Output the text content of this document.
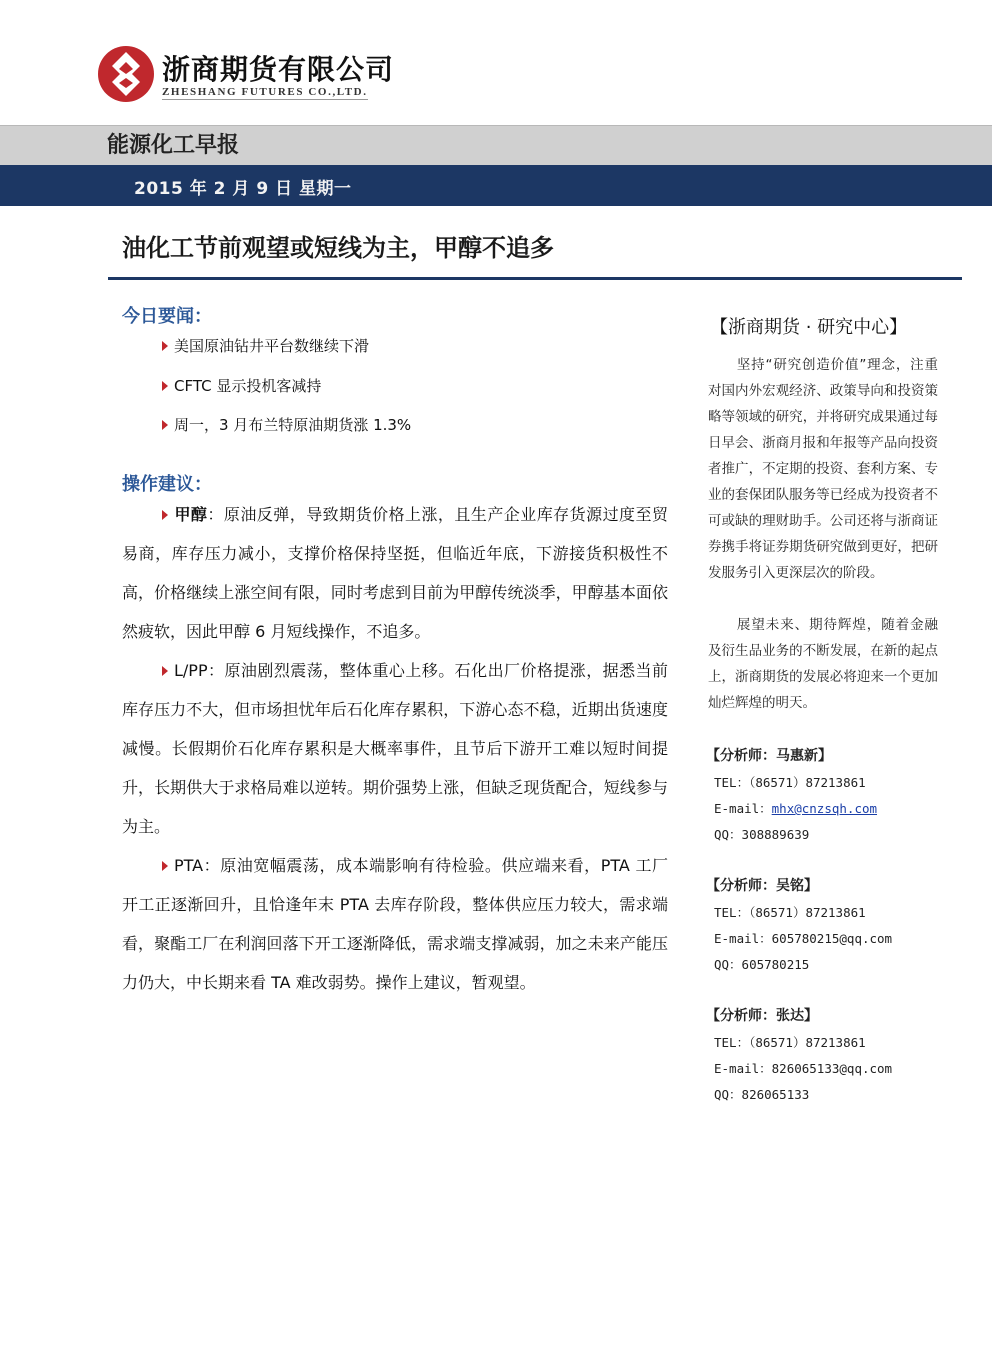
浙商期货有限公司
ZHESHANG FUTURES CO.,LTD.
能源化工早报
2015 年 2 月 9 日 星期一
油化工节前观望或短线为主，甲醇不追多
今日要闻：
美国原油钻井平台数继续下滑
CFTC 显示投机客减持
周一，3 月布兰特原油期货涨 1.3%
操作建议：
甲醇：原油反弹，导致期货价格上涨，且生产企业库存货源过度至贸易商，库存压力减小，支撑价格保持坚挺，但临近年底，下游接货积极性不高，价格继续上涨空间有限，同时考虑到目前为甲醇传统淡季，甲醇基本面依然疲软，因此甲醇 6 月短线操作，不追多。
L/PP：原油剧烈震荡，整体重心上移。石化出厂价格提涨，据悉当前库存压力不大，但市场担忧年后石化库存累积，下游心态不稳，近期出货速度减慢。长假期价石化库存累积是大概率事件，且节后下游开工难以短时间提升，长期供大于求格局难以逆转。期价强势上涨，但缺乏现货配合，短线参与为主。
PTA：原油宽幅震荡，成本端影响有待检验。供应端来看，PTA 工厂开工正逐渐回升，且恰逢年末 PTA 去库存阶段，整体供应压力较大，需求端看，聚酯工厂在利润回落下开工逐渐降低，需求端支撑减弱，加之未来产能压力仍大，中长期来看 TA 难改弱势。操作上建议，暂观望。
【浙商期货 · 研究中心】
坚持“研究创造价值”理念，注重对国内外宏观经济、政策导向和投资策略等领域的研究，并将研究成果通过每日早会、浙商月报和年报等产品向投资者推广，不定期的投资、套利方案、专业的套保团队服务等已经成为投资者不可或缺的理财助手。公司还将与浙商证券携手将证券期货研究做到更好，把研发服务引入更深层次的阶段。
展望未来、期待辉煌，随着金融及衍生品业务的不断发展，在新的起点上，浙商期货的发展必将迎来一个更加灿烂辉煌的明天。
【分析师：马惠新】
TEL：（86571）87213861
E-mail：mhx@cnzsqh.com
QQ：308889639
【分析师：吴铭】
TEL：（86571）87213861
E-mail：605780215@qq.com
QQ：605780215
【分析师：张达】
TEL：（86571）87213861
E-mail：826065133@qq.com
QQ：826065133
